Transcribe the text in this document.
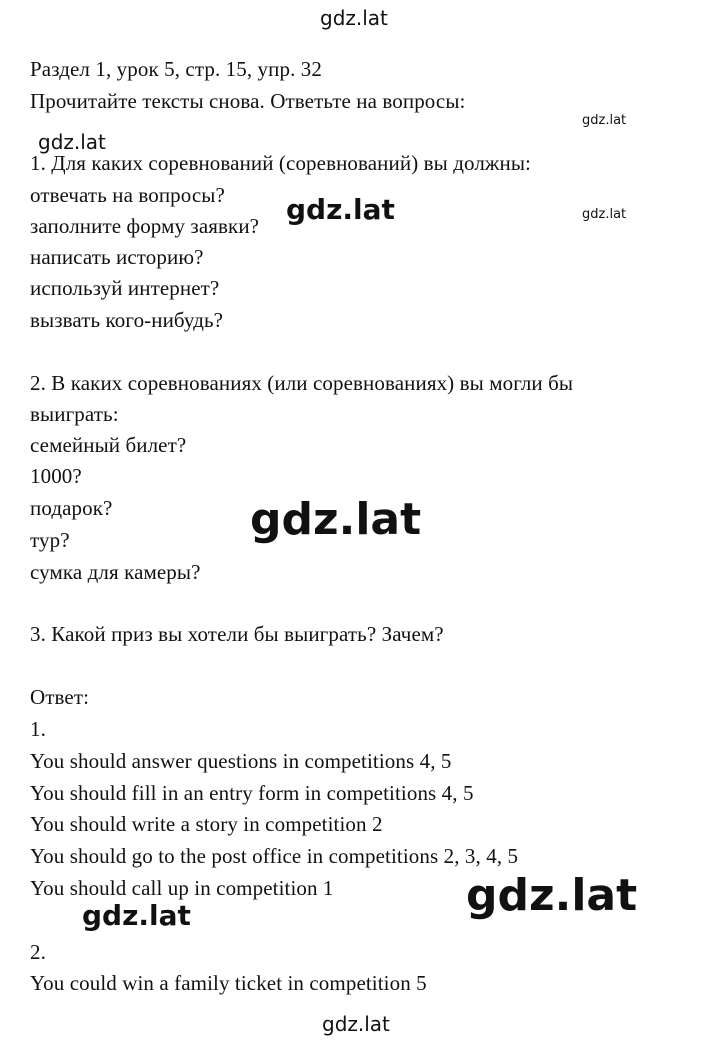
gdz.lat
gdz.lat
gdz.lat
gdz.lat	gdz.lat
gdz.lat
gdz.lat
gdz.lat
gdz.lat
Раздел 1, урок 5, стр. 15, упр. 32
Прочитайте тексты снова. Ответьте на вопросы:
1. Для каких соревнований (соревнований) вы должны:
отвечать на вопросы?
заполните форму заявки?
написать историю?
используй интернет?
вызвать кого-нибудь?
2. В каких соревнованиях (или соревнованиях) вы могли бы
выиграть:
семейный билет?
1000?
подарок?
тур?
сумка для камеры?
3. Какой приз вы хотели бы выиграть? Зачем?
Ответ:
1.
You should answer questions in competitions 4, 5
You should fill in an entry form in competitions 4, 5
You should write a story in competition 2
You should go to the post office in competitions 2, 3, 4, 5
You should call up in competition 1
2.
You could win a family ticket in competition 5
